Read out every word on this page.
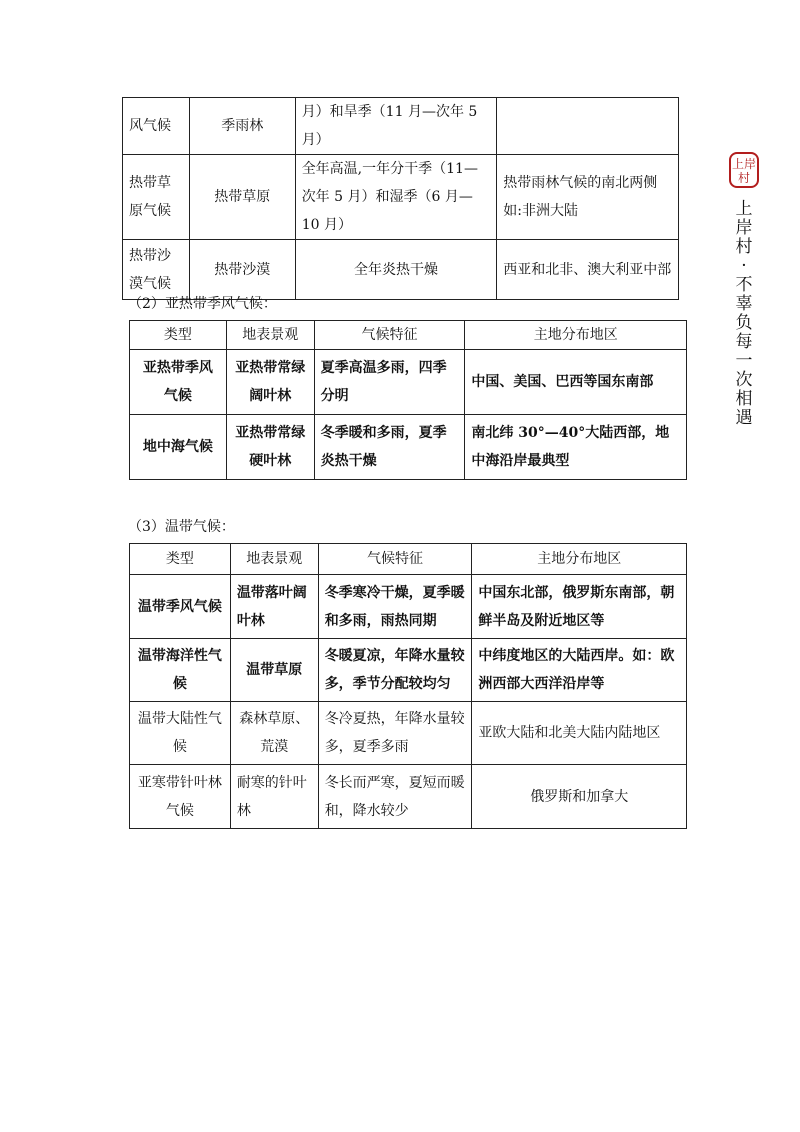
风气候	季雨林	月）和旱季（11 月—次年 5 月）	
热带草原气候	热带草原	全年高温,一年分干季（11—次年 5 月）和湿季（6 月—10 月）	热带雨林气候的南北两侧如:非洲大陆
热带沙漠气候	热带沙漠	全年炎热干燥	西亚和北非、澳大利亚中部
（2）亚热带季风气候：
类型	地表景观	气候特征	主地分布地区
亚热带季风气候	亚热带常绿阔叶林	夏季高温多雨，四季分明	中国、美国、巴西等国东南部
地中海气候	亚热带常绿硬叶林	冬季暖和多雨，夏季炎热干燥	南北纬 30°—40°大陆西部，地中海沿岸最典型
（3）温带气候：
类型	地表景观	气候特征	主地分布地区
温带季风气候	温带落叶阔叶林	冬季寒冷干燥，夏季暖和多雨，雨热同期	中国东北部，俄罗斯东南部，朝鲜半岛及附近地区等
温带海洋性气候	温带草原	冬暖夏凉，年降水量较多，季节分配较均匀	中纬度地区的大陆西岸。如：欧洲西部大西洋沿岸等
温带大陆性气候	森林草原、荒漠	冬冷夏热，年降水量较多，夏季多雨	亚欧大陆和北美大陆内陆地区
亚寒带针叶林气候	耐寒的针叶林	冬长而严寒，夏短而暖和，降水较少	俄罗斯和加拿大
上岸村
上岸村·不辜负每一次相遇
